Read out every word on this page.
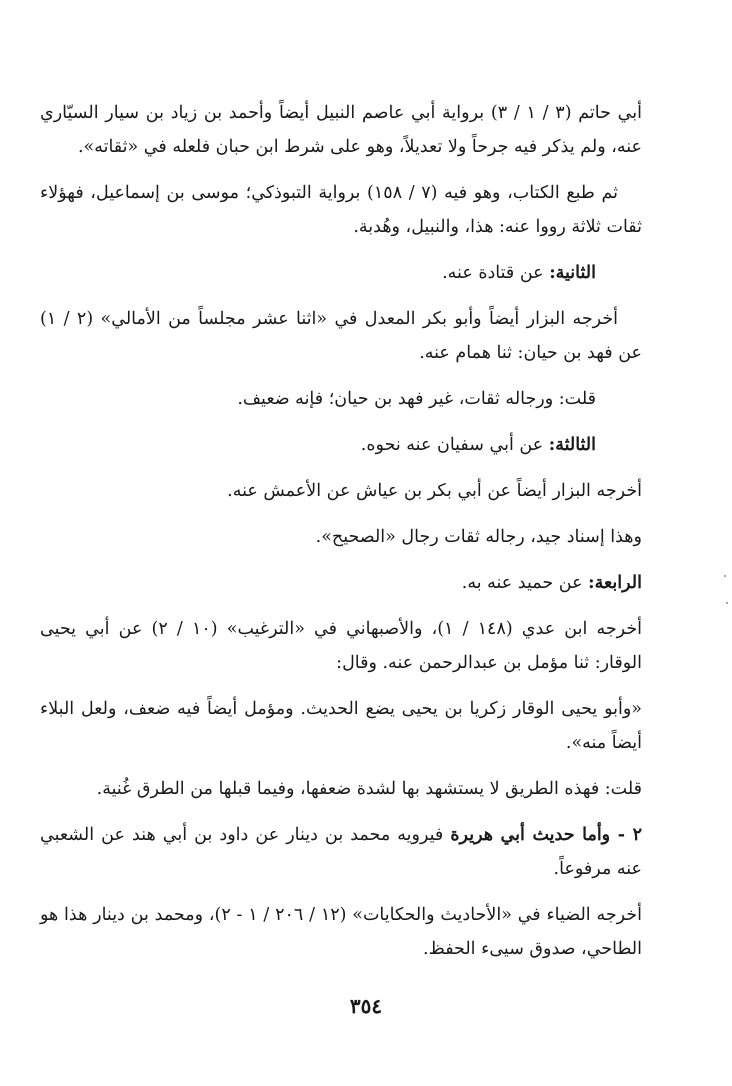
أبي حاتم (٣ / ١ / ٣) برواية أبي عاصم النبيل أيضاً وأحمد بن زياد بن سيار السيّاري عنه، ولم يذكر فيه جرحاً ولا تعديلاً، وهو على شرط ابن حبان فلعله في «ثقاته».

ثم طبع الكتاب، وهو فيه (٧ / ١٥٨) برواية التبوذكي؛ موسى بن إسماعيل، فهؤلاء ثقات ثلاثة رووا عنه: هذا، والنبيل، وهُدبة.

الثانية: عن قتادة عنه.

أخرجه البزار أيضاً وأبو بكر المعدل في «اثنا عشر مجلساً من الأمالي» (٢ / ١) عن فهد بن حيان: ثنا همام عنه.

قلت: ورجاله ثقات، غير فهد بن حيان؛ فإنه ضعيف.

الثالثة: عن أبي سفيان عنه نحوه.

أخرجه البزار أيضاً عن أبي بكر بن عياش عن الأعمش عنه.

وهذا إسناد جيد، رجاله ثقات رجال «الصحيح».

الرابعة: عن حميد عنه به.

أخرجه ابن عدي (١٤٨ / ١)، والأصبهاني في «الترغيب» (١٠ / ٢) عن أبي يحيى الوقار: ثنا مؤمل بن عبدالرحمن عنه. وقال:

«وأبو يحيى الوقار زكريا بن يحيى يضع الحديث. ومؤمل أيضاً فيه ضعف، ولعل البلاء أيضاً منه».

قلت: فهذه الطريق لا يستشهد بها لشدة ضعفها، وفيما قبلها من الطرق غُنية.

٢ - وأما حديث أبي هريرة فيرويه محمد بن دينار عن داود بن أبي هند عن الشعبي عنه مرفوعاً.

أخرجه الضياء في «الأحاديث والحكايات» (١٢ / ٢٠٦ / ١ - ٢)، ومحمد بن دينار هذا هو الطاحي، صدوق سيىء الحفظ.

٣٥٤
